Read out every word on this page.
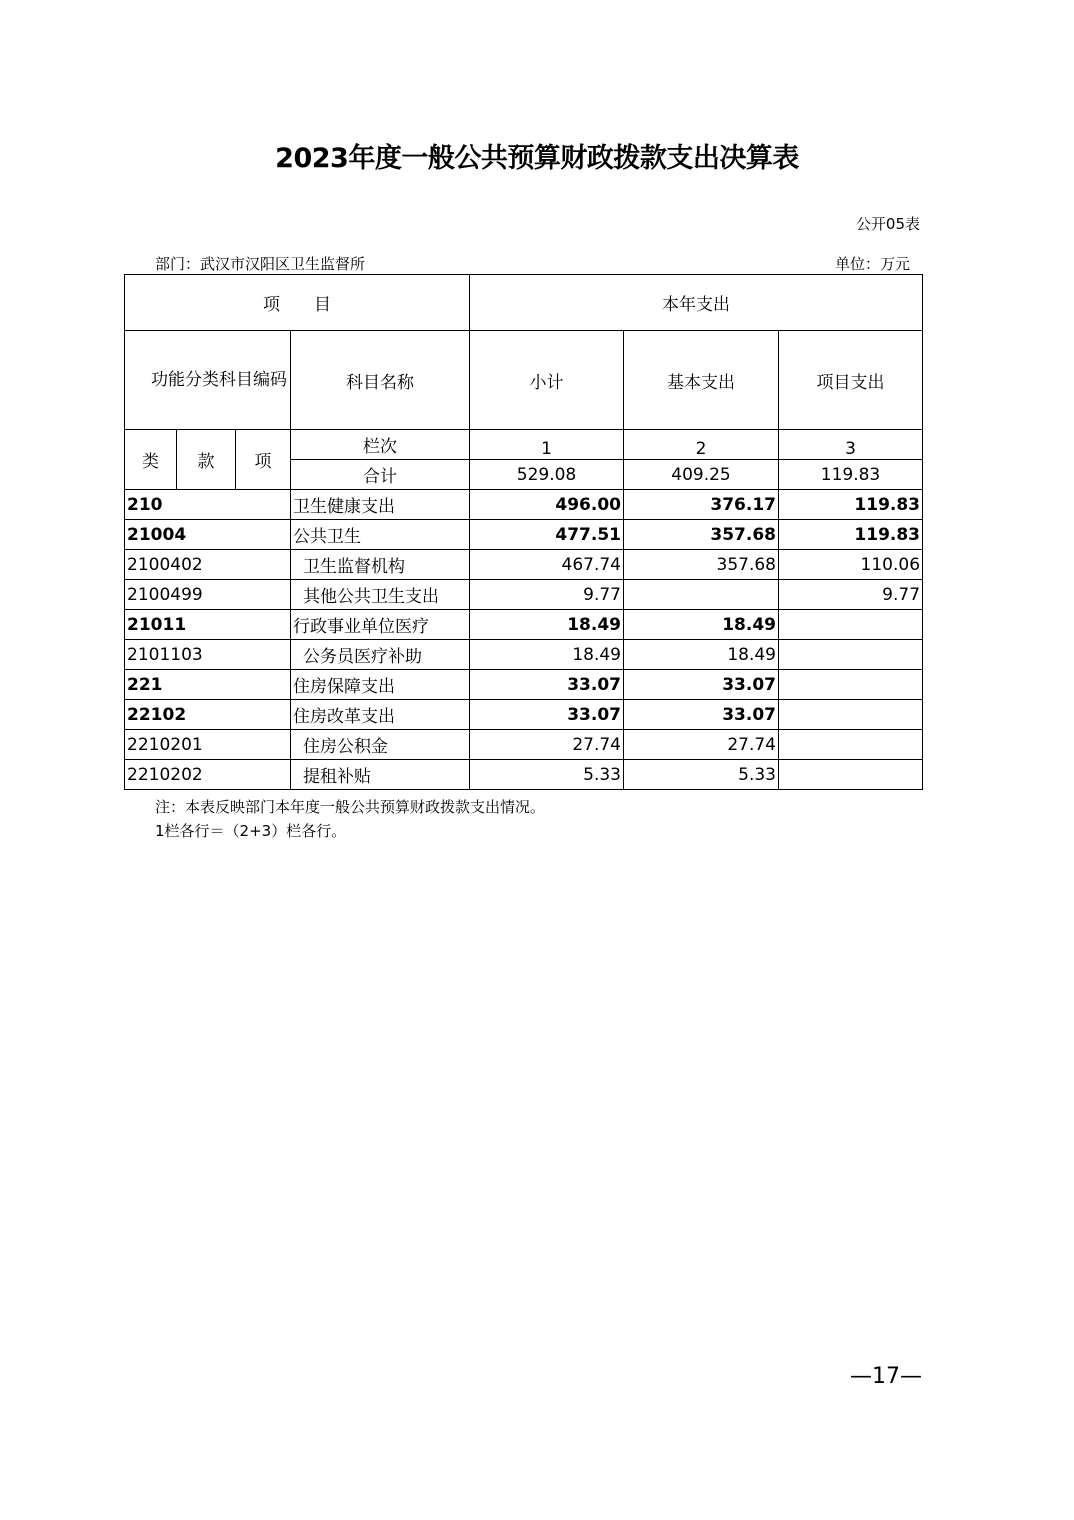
2023年度一般公共预算财政拨款支出决算表
公开05表
部门：武汉市汉阳区卫生监督所	单位：万元
项　　目				本年支出		
功能分类科目编码			科目名称	小计	基本支出	项目支出
类	款	项	栏次	1	2	3
			合计	529.08	409.25	119.83
210			卫生健康支出	496.00	376.17	119.83
21004			公共卫生	477.51	357.68	119.83
2100402			卫生监督机构	467.74	357.68	110.06
2100499			其他公共卫生支出	9.77		9.77
21011			行政事业单位医疗	18.49	18.49	
2101103			公务员医疗补助	18.49	18.49	
221			住房保障支出	33.07	33.07	
22102			住房改革支出	33.07	33.07	
2210201			住房公积金	27.74	27.74	
2210202			提租补贴	5.33	5.33	
注：本表反映部门本年度一般公共预算财政拨款支出情况。
1栏各行＝（2+3）栏各行。
—17—
